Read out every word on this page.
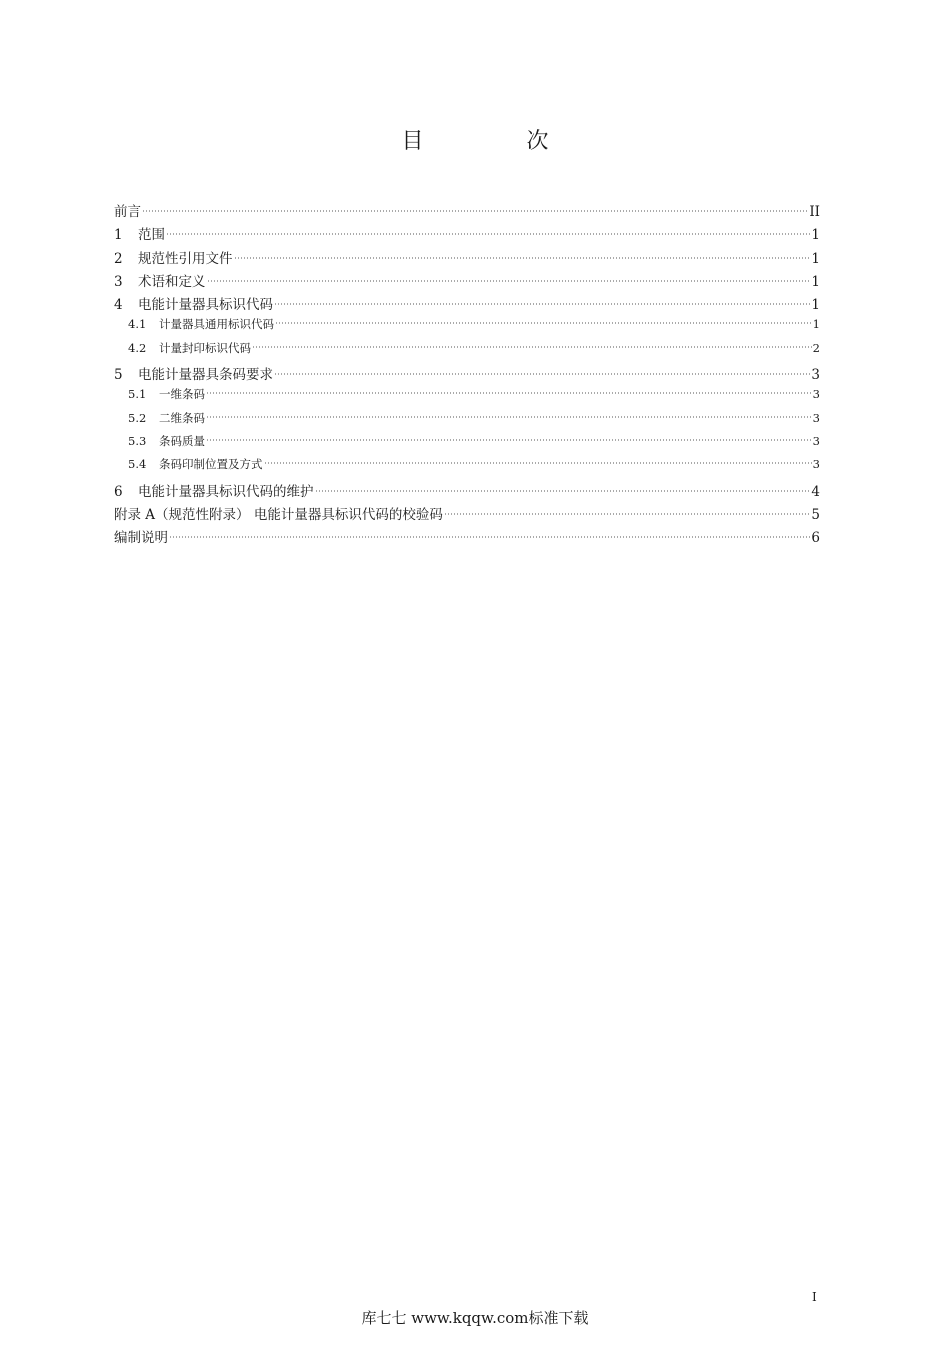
目 次
前言	II
1	范围	1
2	规范性引用文件	1
3	术语和定义	1
4	电能计量器具标识代码	1
4.1	计量器具通用标识代码	1
4.2	计量封印标识代码	2
5	电能计量器具条码要求	3
5.1	一维条码	3
5.2	二维条码	3
5.3	条码质量	3
5.4	条码印制位置及方式	3
6	电能计量器具标识代码的维护	4
附录 A（规范性附录） 电能计量器具标识代码的校验码	5
编制说明	6
I
库七七 www.kqqw.com标准下载
